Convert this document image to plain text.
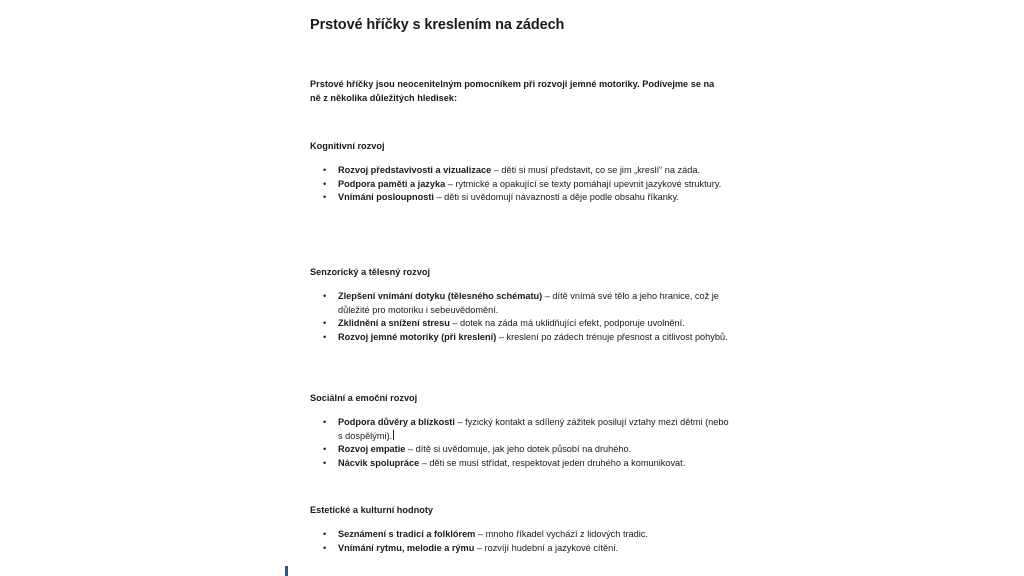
Prstové hříčky s kreslením na zádech

Prstové hříčky jsou neocenitelným pomocníkem při rozvoji jemné motoriky. Podívejme se na ně z několika důležitých hledisek:

Kognitivní rozvoj
• Rozvoj představivosti a vizualizace – děti si musí představit, co se jim „kreslí“ na záda.
• Podpora paměti a jazyka – rytmické a opakující se texty pomáhají upevnit jazykové struktury.
• Vnímání posloupnosti – děti si uvědomují návaznosti a děje podle obsahu říkanky.
Senzorický a tělesný rozvoj
• Zlepšení vnímání dotyku (tělesného schématu) – dítě vnímá své tělo a jeho hranice, což je důležité pro motoriku i sebeuvědomění.
• Zklidnění a snížení stresu – dotek na záda má uklidňující efekt, podporuje uvolnění.
• Rozvoj jemné motoriky (při kreslení) – kreslení po zádech trénuje přesnost a citlivost pohybů.
Sociální a emoční rozvoj
• Podpora důvěry a blízkosti – fyzický kontakt a sdílený zážitek posilují vztahy mezi dětmi (nebo s dospělými).
• Rozvoj empatie – dítě si uvědomuje, jak jeho dotek působí na druhého.
• Nácvik spolupráce – děti se musí střídat, respektovat jeden druhého a komunikovat.
Estetické a kulturní hodnoty
• Seznámení s tradicí a folklórem – mnoho říkadel vychází z lidových tradic.
• Vnímání rytmu, melodie a rýmu – rozvíjí hudební a jazykové cítění.
